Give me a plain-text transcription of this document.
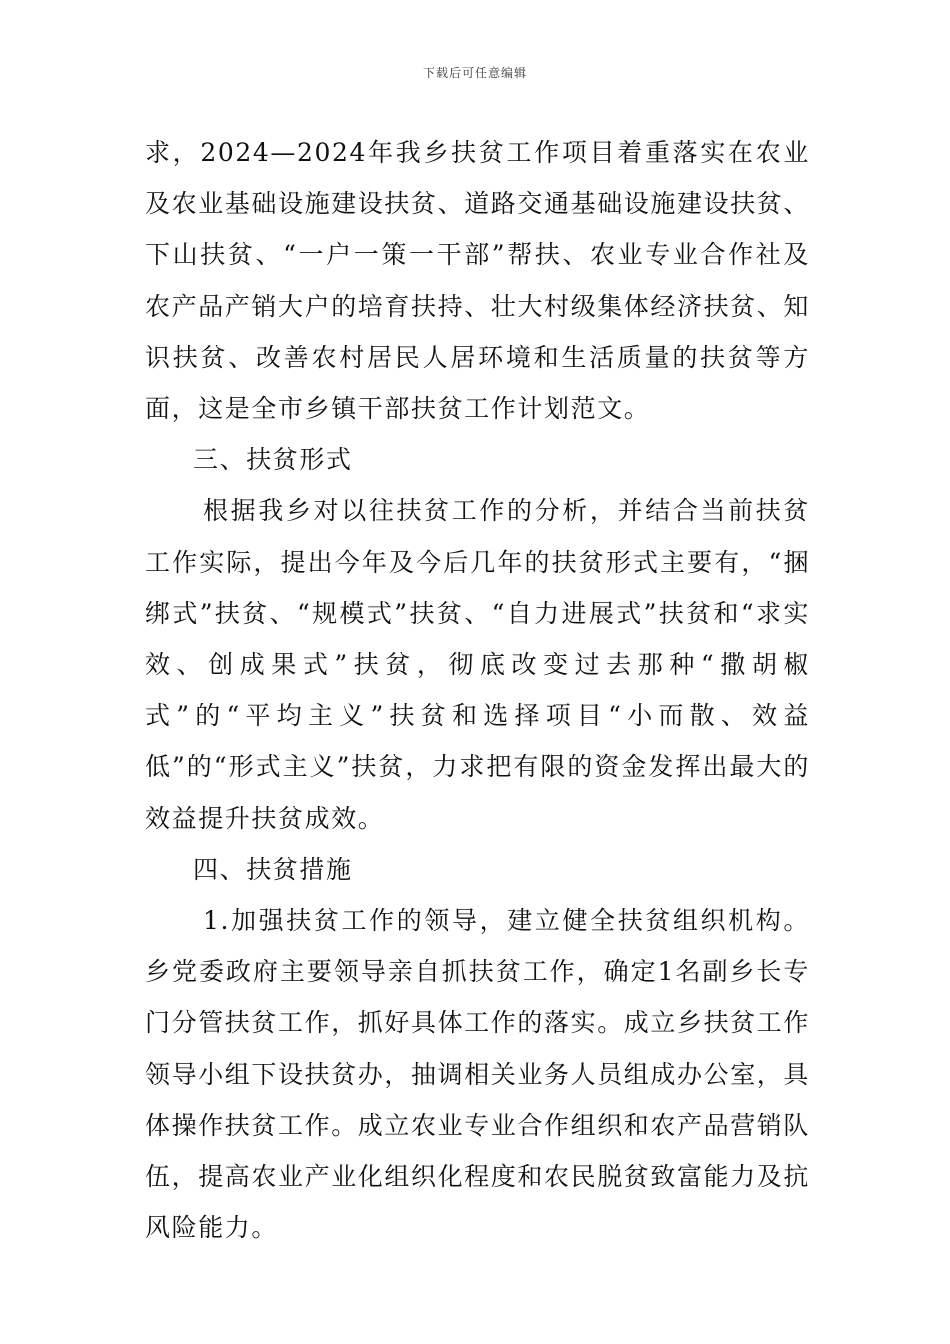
下载后可任意编辑

求，2024—2024年我乡扶贫工作项目着重落实在农业及农业基础设施建设扶贫、道路交通基础设施建设扶贫、下山扶贫、“一户一策一干部”帮扶、农业专业合作社及农产品产销大户的培育扶持、壮大村级集体经济扶贫、知识扶贫、改善农村居民人居环境和生活质量的扶贫等方面，这是全市乡镇干部扶贫工作计划范文。

三、扶贫形式

根据我乡对以往扶贫工作的分析，并结合当前扶贫工作实际，提出今年及今后几年的扶贫形式主要有，“捆绑式”扶贫、“规模式”扶贫、“自力进展式”扶贫和“求实效、创成果式”扶贫，彻底改变过去那种“撒胡椒式”的“平均主义”扶贫和选择项目“小而散、效益低”的“形式主义”扶贫，力求把有限的资金发挥出最大的效益提升扶贫成效。

四、扶贫措施

1.加强扶贫工作的领导，建立健全扶贫组织机构。乡党委政府主要领导亲自抓扶贫工作，确定1名副乡长专门分管扶贫工作，抓好具体工作的落实。成立乡扶贫工作领导小组下设扶贫办，抽调相关业务人员组成办公室，具体操作扶贫工作。成立农业专业合作组织和农产品营销队伍，提高农业产业化组织化程度和农民脱贫致富能力及抗风险能力。
